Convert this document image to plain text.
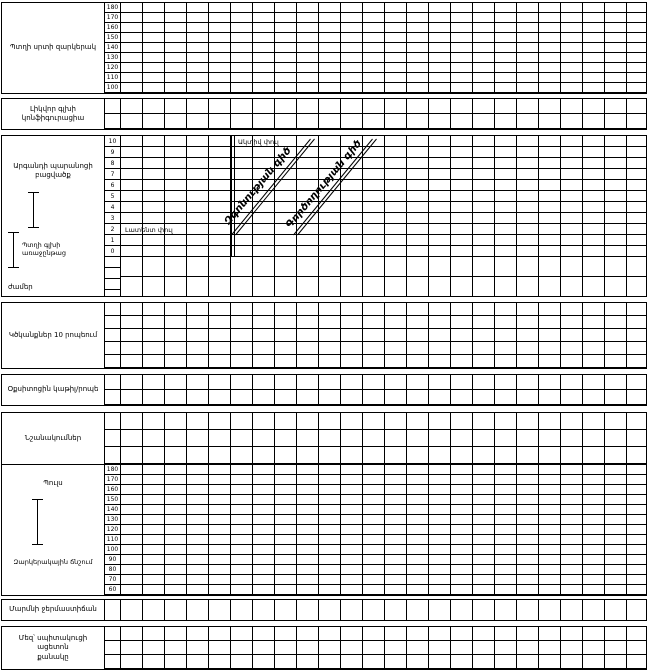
Պտղի սրտի զարկերակ
180
170
160
150
140
130
120
110
100
Լիկվոր գլխի
կոնֆիգուրացիա
Արգանդի պարանոցի
բացվածք
Պտղի գլխի առաջընթաց
ժամեր
10
9
8
7
6
5
4
3
2
1
0
Զգոնության գիծ
Գործողության գիծ
Ակտիվ փուլ
Լատենտ փուլ
Կծկանքներ 10 րոպեում
Օքսիտոցին կաթիլ/րոպե
Նշանակումներ
Պուլս
Զարկերակային ճնշում
180
170
160
150
140
130
120
110
100
90
80
70
60
Մարմնի ջերմաստիճան
Մեզ՝ սպիտակուցի ացետոն
քանակը
